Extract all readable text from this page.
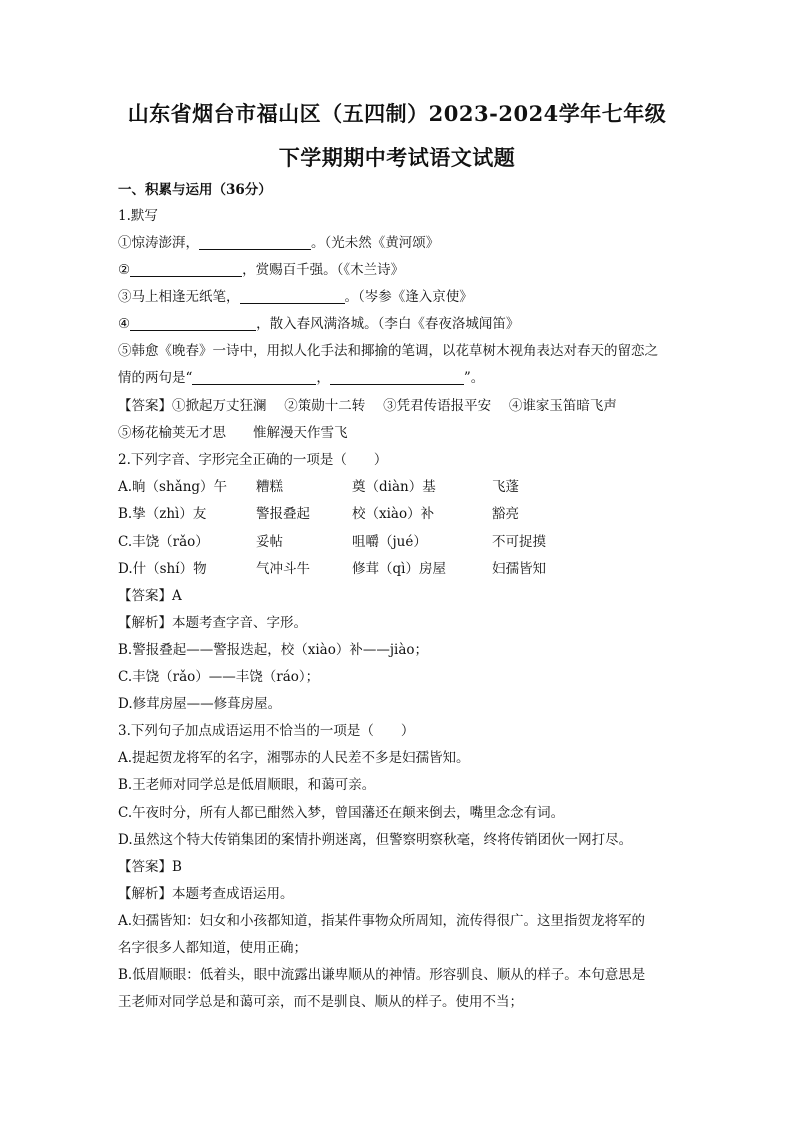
山东省烟台市福山区（五四制）2023-2024学年七年级
下学期期中考试语文试题
一、积累与运用（36分）
1.默写
①惊涛澎湃，	。（光未然《黄河颂》
②	，赏赐百千强。（《木兰诗》
③马上相逢无纸笔，	。（岑参《逢入京使》
④	，散入春风满洛城。（李白《春夜洛城闻笛》
⑤韩愈《晚春》一诗中，用拟人化手法和揶揄的笔调，以花草树木视角表达对春天的留恋之
情的两句是“	，	”。
【答案】①掀起万丈狂澜　 ②策勋十二转　 ③凭君传语报平安　 ④谁家玉笛暗飞声
⑤杨花榆荚无才思　　惟解漫天作雪飞
2.下列字音、字形完全正确的一项是（　　）
A.晌（shǎng）午	糟糕	奠（diàn）基	飞蓬
B.挚（zhì）友	警报叠起	校（xiào）补	豁亮
C.丰饶（rǎo）	妥帖	咀嚼（jué）	不可捉摸
D.什（shí）物	气冲斗牛	修茸（qì）房屋	妇孺皆知
【答案】A
【解析】本题考查字音、字形。
B.警报叠起——警报迭起，校（xiào）补——jiào；
C.丰饶（rǎo）——丰饶（ráo）；
D.修茸房屋——修葺房屋。
3.下列句子加点成语运用不恰当的一项是（　　）
A.提起贺龙将军的名字，湘鄂赤的人民差不多是妇孺皆知。
B.王老师对同学总是低眉顺眼，和蔼可亲。
C.午夜时分，所有人都已酣然入梦，曾国藩还在颠来倒去，嘴里念念有词。
D.虽然这个特大传销集团的案情扑朔迷离，但警察明察秋毫，终将传销团伙一网打尽。
【答案】B
【解析】本题考查成语运用。
A.妇孺皆知：妇女和小孩都知道，指某件事物众所周知，流传得很广。这里指贺龙将军的
名字很多人都知道，使用正确；
B.低眉顺眼：低着头，眼中流露出谦卑顺从的神情。形容驯良、顺从的样子。本句意思是
王老师对同学总是和蔼可亲，而不是驯良、顺从的样子。使用不当；
